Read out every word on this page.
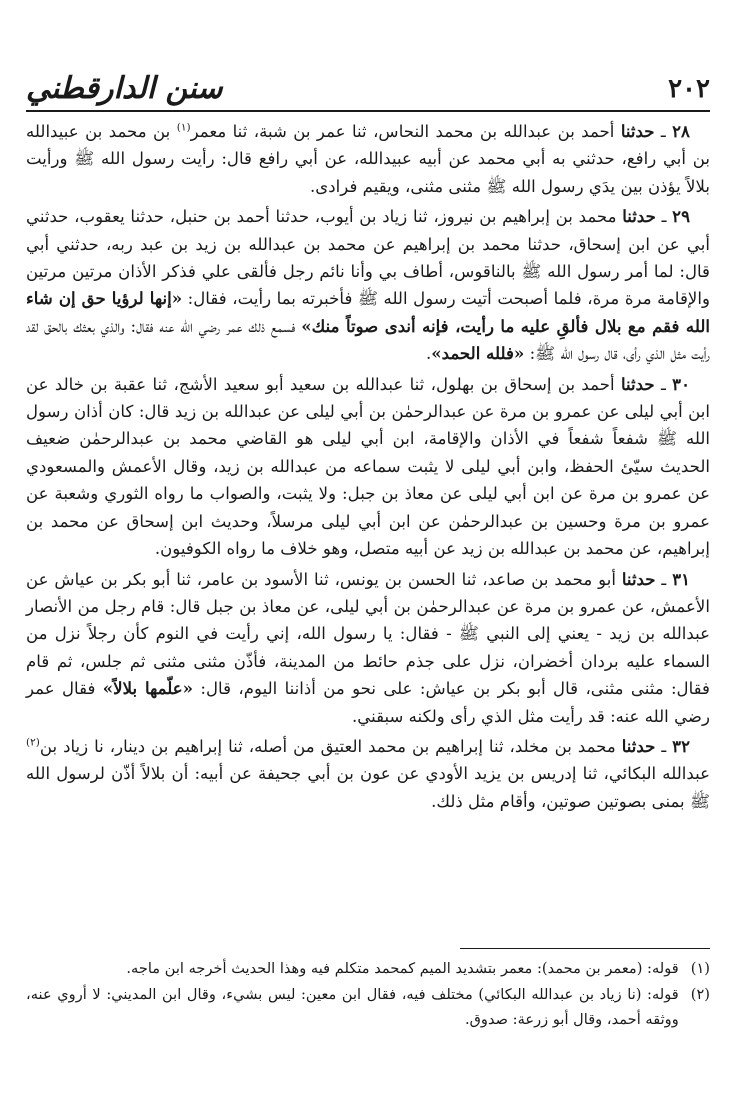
٢٠٢
سنن الدارقطني

٢٨ ـ حدثنا أحمد بن عبدالله بن محمد النحاس، ثنا عمر بن شبة، ثنا معمر$^{(١)}$ بن محمد بن عبيدالله بن أبي رافع، حدثني به أبي محمد عن أبيه عبيدالله، عن أبي رافع قال: رأيت رسول الله ﷺ ورأيت بلالاً يؤذن بين يدَي رسول الله ﷺ مثنى مثنى، ويقيم فرادى.

٢٩ ـ حدثنا محمد بن إبراهيم بن نيروز، ثنا زياد بن أيوب، حدثنا أحمد بن حنبل، حدثنا يعقوب، حدثني أبي عن ابن إسحاق، حدثنا محمد بن إبراهيم عن محمد بن عبدالله بن زيد بن عبد ربه، حدثني أبي قال: لما أمر رسول الله ﷺ بالناقوس، أطاف بي وأنا نائم رجل فألقى علي فذكر الأذان مرتين مرتين والإقامة مرة مرة، فلما أصبحت أتيت رسول الله ﷺ فأخبرته بما رأيت، فقال: «إنها لرؤيا حق إن شاء الله فقم مع بلال فألقِ عليه ما رأيت، فإنه أندى صوتاً منك» فسمع ذلك عمر رضي الله عنه فقال: والذي بعثك بالحق لقد رأيت مثل الذي رأى، قال رسول الله ﷺ: «فلله الحمد».

٣٠ ـ حدثنا أحمد بن إسحاق بن بهلول، ثنا عبدالله بن سعيد أبو سعيد الأشج، ثنا عقبة بن خالد عن ابن أبي ليلى عن عمرو بن مرة عن عبدالرحمٰن بن أبي ليلى عن عبدالله بن زيد قال: كان أذان رسول الله ﷺ شفعاً شفعاً في الأذان والإقامة، ابن أبي ليلى هو القاضي محمد بن عبدالرحمٰن ضعيف الحديث سيّئ الحفظ، وابن أبي ليلى لا يثبت سماعه من عبدالله بن زيد، وقال الأعمش والمسعودي عن عمرو بن مرة عن ابن أبي ليلى عن معاذ بن جبل: ولا يثبت، والصواب ما رواه الثوري وشعبة عن عمرو بن مرة وحسين بن عبدالرحمٰن عن ابن أبي ليلى مرسلاً، وحديث ابن إسحاق عن محمد بن إبراهيم، عن محمد بن عبدالله بن زيد عن أبيه متصل، وهو خلاف ما رواه الكوفيون.

٣١ ـ حدثنا أبو محمد بن صاعد، ثنا الحسن بن يونس، ثنا الأسود بن عامر، ثنا أبو بكر بن عياش عن الأعمش، عن عمرو بن مرة عن عبدالرحمٰن بن أبي ليلى، عن معاذ بن جبل قال: قام رجل من الأنصار عبدالله بن زيد - يعني إلى النبي ﷺ - فقال: يا رسول الله، إني رأيت في النوم كأن رجلاً نزل من السماء عليه بردان أخضران، نزل على جذم حائط من المدينة، فأذّن مثنى مثنى ثم جلس، ثم قام فقال: مثنى مثنى، قال أبو بكر بن عياش: على نحو من أذاننا اليوم، قال: «علّمها بلالاً» فقال عمر رضي الله عنه: قد رأيت مثل الذي رأى ولكنه سبقني.

٣٢ ـ حدثنا محمد بن مخلد، ثنا إبراهيم بن محمد العتيق من أصله، ثنا إبراهيم بن دينار، نا زياد بن$^{(٢)}$ عبدالله البكائي، ثنا إدريس بن يزيد الأودي عن عون بن أبي جحيفة عن أبيه: أن بلالاً أذّن لرسول الله ﷺ بمنى بصوتين صوتين، وأقام مثل ذلك.

(١)
قوله: (معمر بن محمد): معمر بتشديد الميم كمحمد متكلم فيه وهذا الحديث أخرجه ابن ماجه.

(٢)
قوله: (نا زياد بن عبدالله البكائي) مختلف فيه، فقال ابن معين: ليس بشيء، وقال ابن المديني: لا أروي عنه، ووثقه أحمد، وقال أبو زرعة: صدوق.
